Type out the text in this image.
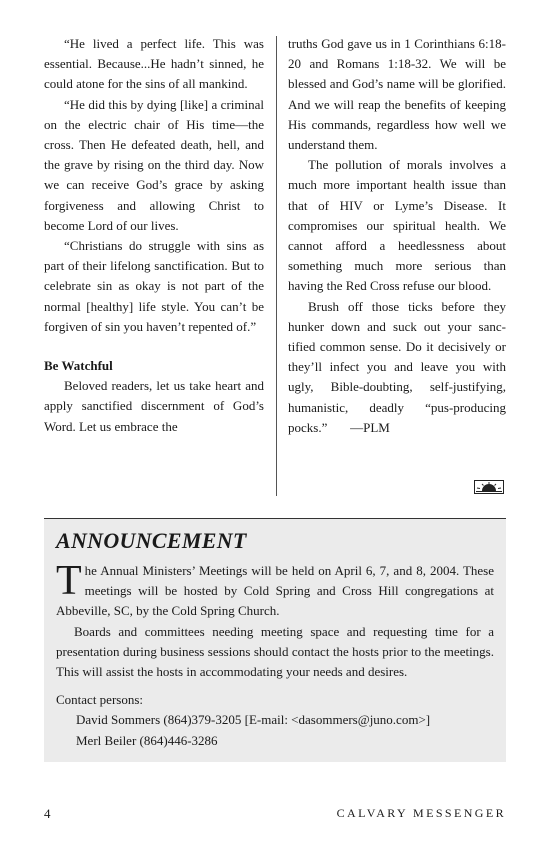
“He lived a perfect life. This was essential. Because...He hadn’t sinned, he could atone for the sins of all mankind.

“He did this by dying [like] a criminal on the electric chair of His time—the cross. Then He defeated death, hell, and the grave by rising on the third day. Now we can receive God’s grace by asking forgiveness and allowing Christ to become Lord of our lives.

“Christians do struggle with sins as part of their lifelong sanctification. But to celebrate sin as okay is not part of the normal [healthy] life style. You can’t be forgiven of sin you haven’t repented of.”

Be Watchful

Beloved readers, let us take heart and apply sanctified discernment of God’s Word. Let us embrace the

truths God gave us in 1 Corinthians 6:18-20 and Romans 1:18-32. We will be blessed and God’s name will be glorified. And we will reap the benefits of keeping His commands, regardless how well we understand them.

The pollution of morals involves a much more important health issue than that of HIV or Lyme’s Disease. It compromises our spiritual health. We cannot afford a heedlessness about something much more serious than having the Red Cross refuse our blood.

Brush off those ticks before they hunker down and suck out your sanctified common sense. Do it decisively or they’ll infect you and leave you with ugly, Bible-doubting, self-justifying, humanistic, deadly “pus-producing pocks.” —PLM

ANNOUNCEMENT

The Annual Ministers’ Meetings will be held on April 6, 7, and 8, 2004. These meetings will be hosted by Cold Spring and Cross Hill congregations at Abbeville, SC, by the Cold Spring Church.

Boards and committees needing meeting space and requesting time for a presentation during business sessions should contact the hosts prior to the meetings. This will assist the hosts in accommodating your needs and desires.

Contact persons:

David Sommers (864)379-3205 [E-mail: <dasommers@juno.com>]

Merl Beiler (864)446-3286

4	CALVARY MESSENGER
